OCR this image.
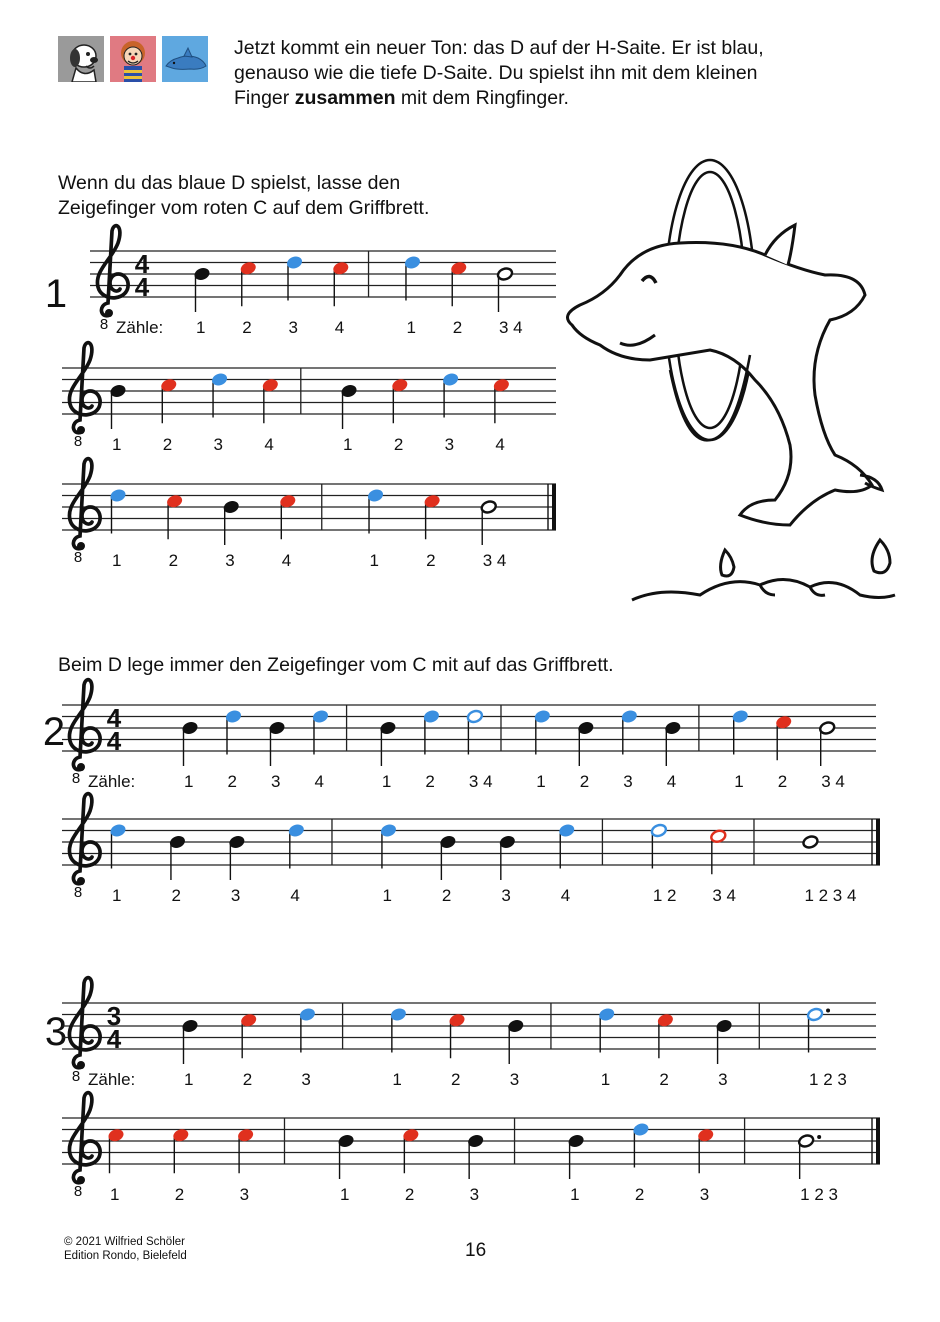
Jetzt kommt ein neuer Ton: das D auf der H-Saite. Er ist blau,
genauso wie die tiefe D-Saite. Du spielst ihn mit dem kleinen
Finger zusammen mit dem Ringfinger.
Wenn du das blaue D spielst, lasse den
Zeigefinger vom roten C auf dem Griffbrett.
Beim D lege immer den Zeigefinger vom C mit auf das Griffbrett.
1
8
4
4
Zähle: 1 2 3 4	1 2 3 4
8 1 2 3 4	1 2 3 4
8 1	2	3	4	1	2	3 4
2
8
4
4
Zähle:	1 2 3 4	1 2 3 4	1 2 3 4	1 2 3 4
8 1	2	3	4	1	2	3	4	1 2 3 4	1 2 3 4
3
8
3
4
Zähle:	1	2	3	1	2	3	1	2	3	1 2 3
8 1	2	3	1	2	3	1	2	3	1 2 3
© 2021 Wilfried Schöler
Edition Rondo, Bielefeld	16
